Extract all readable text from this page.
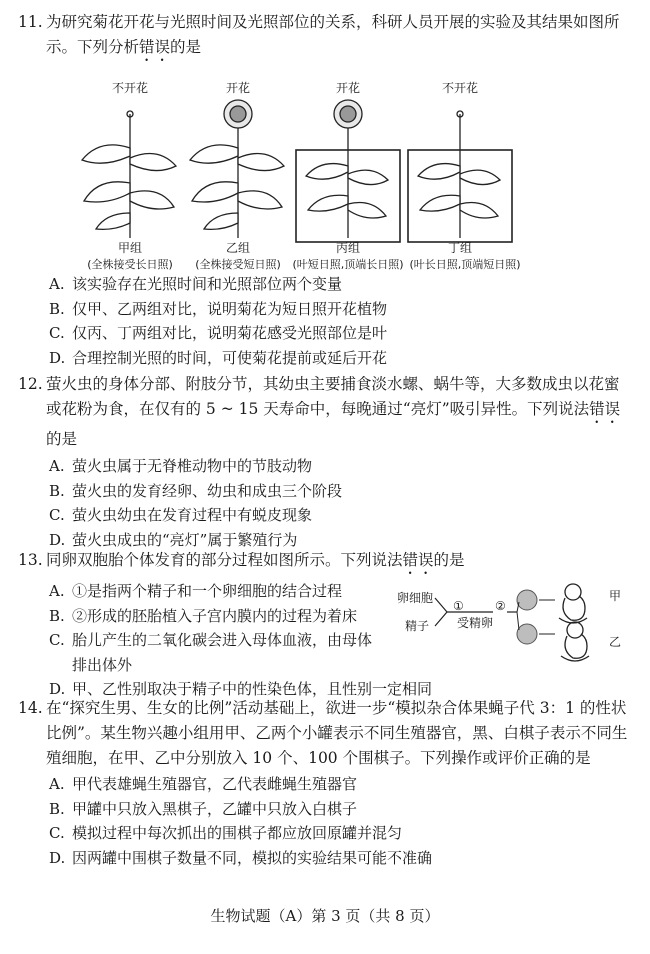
11. 为研究菊花开花与光照时间及光照部位的关系，科研人员开展的实验及其结果如图所示。下列分析错误的是
不开花	开花	开花	不开花
甲组	乙组	丙组	丁组
(全株接受长日照) (全株接受短日照) (叶短日照,顶端长日照) (叶长日照,顶端短日照)
A. 该实验存在光照时间和光照部位两个变量
B. 仅甲、乙两组对比，说明菊花为短日照开花植物
C. 仅丙、丁两组对比，说明菊花感受光照部位是叶
D. 合理控制光照的时间，可使菊花提前或延后开花
12. 萤火虫的身体分部、附肢分节，其幼虫主要捕食淡水螺、蜗牛等，大多数成虫以花蜜或花粉为食，在仅有的 5 ~ 15 天寿命中，每晚通过“亮灯”吸引异性。下列说法错误的是
A. 萤火虫属于无脊椎动物中的节肢动物
B. 萤火虫的发育经卵、幼虫和成虫三个阶段
C. 萤火虫幼虫在发育过程中有蜕皮现象
D. 萤火虫成虫的“亮灯”属于繁殖行为
13. 同卵双胞胎个体发育的部分过程如图所示。下列说法错误的是
A. ①是指两个精子和一个卵细胞的结合过程
B. ②形成的胚胎植入子宫内膜内的过程为着床
C. 胎儿产生的二氧化碳会进入母体血液，由母体
排出体外
D. 甲、乙性别取决于精子中的性染色体，且性别一定相同
卵细胞
精子
①
受精卵
②
甲
乙
14. 在“探究生男、生女的比例”活动基础上，欲进一步“模拟杂合体果蝇子代 3：1 的性状比例”。某生物兴趣小组用甲、乙两个小罐表示不同生殖器官，黑、白棋子表示不同生殖细胞，在甲、乙中分别放入 10 个、100 个围棋子。下列操作或评价正确的是
A. 甲代表雄蝇生殖器官，乙代表雌蝇生殖器官
B. 甲罐中只放入黑棋子，乙罐中只放入白棋子
C. 模拟过程中每次抓出的围棋子都应放回原罐并混匀
D. 因两罐中围棋子数量不同，模拟的实验结果可能不准确
生物试题（A）第 3 页（共 8 页）
